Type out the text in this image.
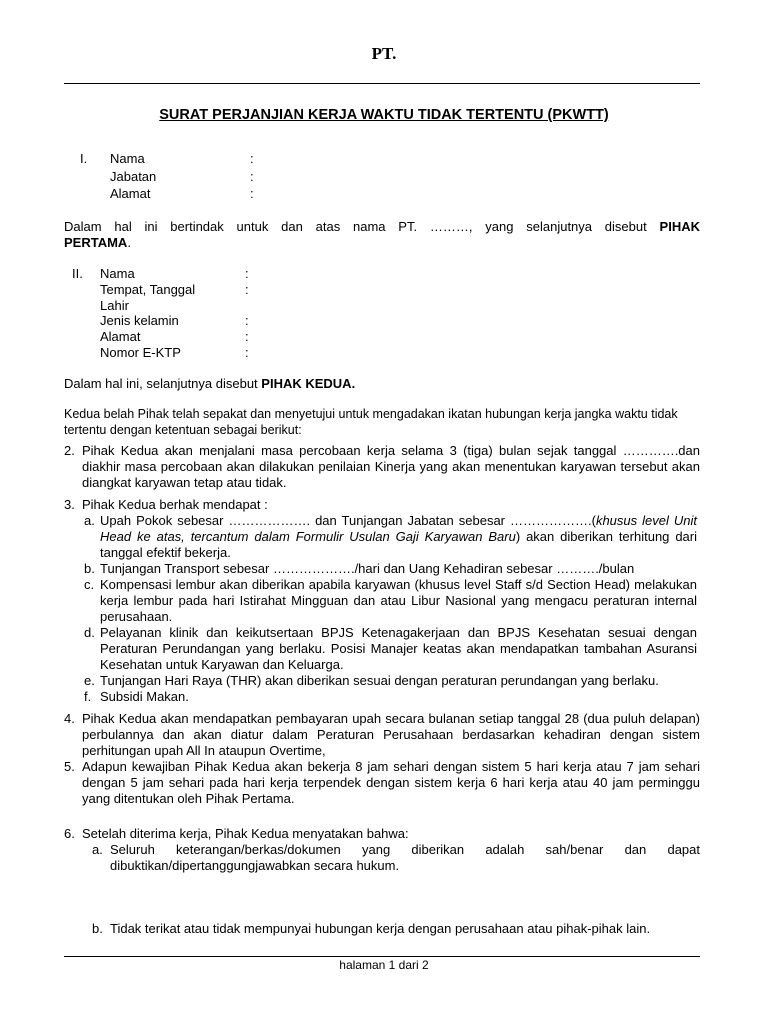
PT.
SURAT PERJANJIAN KERJA WAKTU TIDAK TERTENTU (PKWTT)
I. Nama
Jabatan
Alamat
:
:
:
Dalam hal ini bertindak untuk dan atas nama PT. ………, yang selanjutnya disebut PIHAK
PERTAMA.
II. Nama
Tempat, Tanggal
Lahir
Jenis kelamin
Alamat
Nomor E-KTP
:
:
:
:
:
Dalam hal ini, selanjutnya disebut PIHAK KEDUA.
Kedua belah Pihak telah sepakat dan menyetujui untuk mengadakan ikatan hubungan kerja jangka waktu tidak
tertentu dengan ketentuan sebagai berikut:
2. Pihak Kedua akan menjalani masa percobaan kerja selama 3 (tiga) bulan sejak tanggal ………….dan
diakhir masa percobaan akan dilakukan penilaian Kinerja yang akan menentukan karyawan tersebut akan
diangkat karyawan tetap atau tidak.
3. Pihak Kedua berhak mendapat :
a. Upah Pokok sebesar ………………. dan Tunjangan Jabatan sebesar ……………….(khusus level Unit
Head ke atas, tercantum dalam Formulir Usulan Gaji Karyawan Baru) akan diberikan terhitung dari
tanggal efektif bekerja.
b. Tunjangan Transport sebesar ………………./hari dan Uang Kehadiran sebesar ………./bulan
c. Kompensasi lembur akan diberikan apabila karyawan (khusus level Staff s/d Section Head) melakukan
kerja lembur pada hari Istirahat Mingguan dan atau Libur Nasional yang mengacu peraturan internal
perusahaan.
d. Pelayanan klinik dan keikutsertaan BPJS Ketenagakerjaan dan BPJS Kesehatan sesuai dengan
Peraturan Perundangan yang berlaku. Posisi Manajer keatas akan mendapatkan tambahan Asuransi
Kesehatan untuk Karyawan dan Keluarga.
e. Tunjangan Hari Raya (THR) akan diberikan sesuai dengan peraturan perundangan yang berlaku.
f. Subsidi Makan.
4. Pihak Kedua akan mendapatkan pembayaran upah secara bulanan setiap tanggal 28 (dua puluh delapan)
perbulannya dan akan diatur dalam Peraturan Perusahaan berdasarkan kehadiran dengan sistem
perhitungan upah All In ataupun Overtime,
5. Adapun kewajiban Pihak Kedua akan bekerja 8 jam sehari dengan sistem 5 hari kerja atau 7 jam sehari
dengan 5 jam sehari pada hari kerja terpendek dengan sistem kerja 6 hari kerja atau 40 jam perminggu
yang ditentukan oleh Pihak Pertama.
6. Setelah diterima kerja, Pihak Kedua menyatakan bahwa:
a. Seluruh keterangan/berkas/dokumen yang diberikan adalah sah/benar dan dapat
dibuktikan/dipertanggungjawabkan secara hukum.
b. Tidak terikat atau tidak mempunyai hubungan kerja dengan perusahaan atau pihak-pihak lain.
halaman 1 dari 2
